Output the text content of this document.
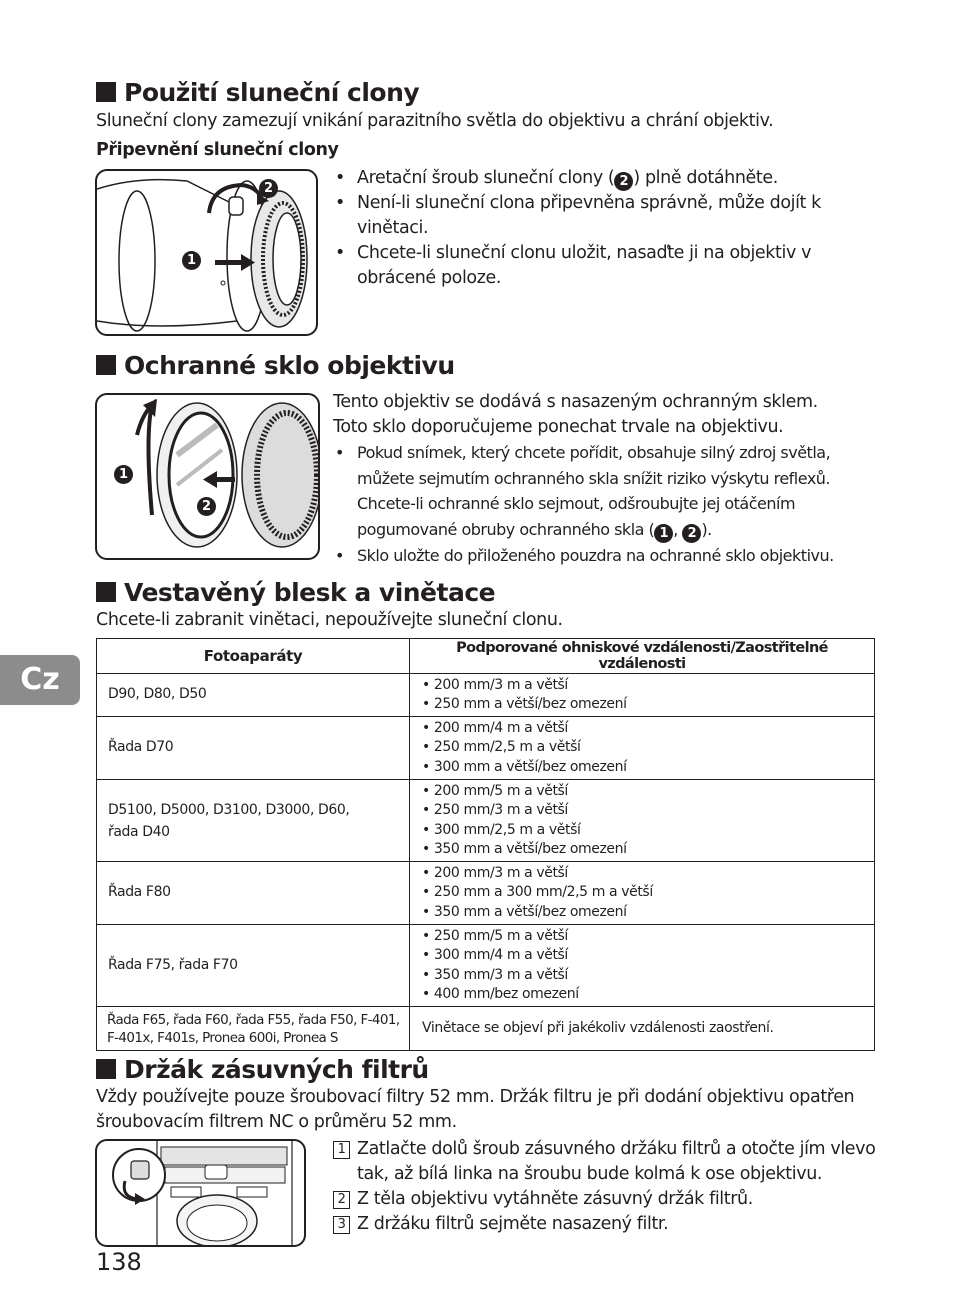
Cz
Použití sluneční clony
Sluneční clony zamezují vnikání parazitního světla do objektivu a chrání objektiv.
Připevnění sluneční clony
1
2
• Aretační šroub sluneční clony ( 2 ) plně dotáhněte.
• Není-li sluneční clona připevněna správně, může dojít k vinětaci.
• Chcete-li sluneční clonu uložit, nasaďte ji na objektiv v obrácené poloze.
Ochranné sklo objektivu
1
2
Tento objektiv se dodává s nasazeným ochranným sklem.
Toto sklo doporučujeme ponechat trvale na objektivu.
• Pokud snímek, který chcete pořídit, obsahuje silný zdroj světla, můžete sejmutím ochranného skla snížit riziko výskytu reflexů. Chcete-li ochranné sklo sejmout, odšroubujte jej otáčením pogumované obruby ochranného skla ( 1 , 2 ).
• Sklo uložte do přiloženého pouzdra na ochranné sklo objektivu.
Vestavěný blesk a vinětace
Chcete-li zabranit vinětaci, nepoužívejte sluneční clonu.
Fotoaparáty	Podporované ohniskové vzdálenosti/Zaostřitelné vzdálenosti
D90, D80, D50	• 200 mm/3 m a větší
• 250 mm a větší/bez omezení

Řada D70	• 200 mm/4 m a větší
• 250 mm/2,5 m a větší
• 300 mm a větší/bez omezení

D5100, D5000, D3100, D3000, D60, řada D40	• 200 mm/5 m a větší
• 250 mm/3 m a větší
• 300 mm/2,5 m a větší
• 350 mm a větší/bez omezení

Řada F80	• 200 mm/3 m a větší
• 250 mm a 300 mm/2,5 m a větší
• 350 mm a větší/bez omezení

Řada F75, řada F70	• 250 mm/5 m a větší
• 300 mm/4 m a větší
• 350 mm/3 m a větší
• 400 mm/bez omezení

Řada F65, řada F60, řada F55, řada F50, F-401, F-401x, F401s, Pronea 600i, Pronea S	Vinětace se objeví při jakékoliv vzdálenosti zaostření.
Držák zásuvných filtrů
Vždy používejte pouze šroubovací filtry 52 mm. Držák filtru je při dodání objektivu opatřen šroubovacím filtrem NC o průměru 52 mm.
1 Zatlačte dolů šroub zásuvného držáku filtrů a otočte jím vlevo tak, až bílá linka na šroubu bude kolmá k ose objektivu.
2 Z těla objektivu vytáhněte zásuvný držák filtrů.
3 Z držáku filtrů sejměte nasazený filtr.
138
